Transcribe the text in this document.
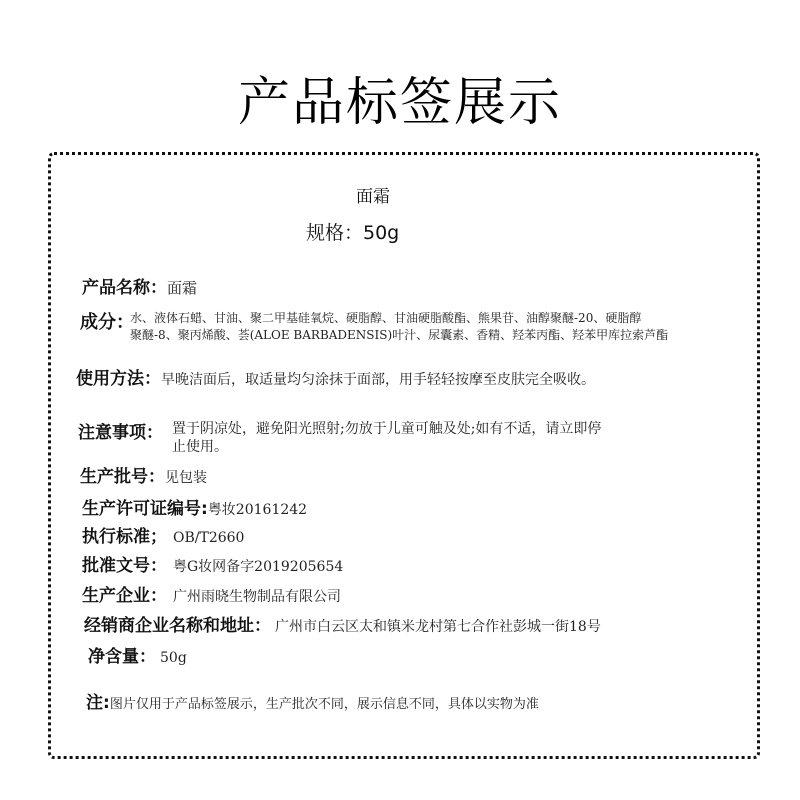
产品标签展示
面霜
规格：50g
产品名称： 面霜
成分：
水、液体石蜡、甘油、聚二甲基硅氧烷、硬脂醇、甘油硬脂酸酯、熊果苷、油醇聚醚-20、硬脂醇
聚醚-8、聚丙烯酸、荟(ALOE BARBADENSIS)叶汁、尿囊素、香精、羟苯丙酯、羟苯甲库拉索芦酯
使用方法： 早晚洁面后，取适量均匀涂抹于面部，用手轻轻按摩至皮肤完全吸收。
注意事项： 置于阴凉处，避免阳光照射;勿放于儿童可触及处;如有不适，请立即停
止使用。
生产批号： 见包装
生产许可证编号: 粤妆20161242
执行标准； OB/T2660
批准文号： 粤G妆网备字2019205654
生产企业： 广州雨晓生物制品有限公司
经销商企业名称和地址： 广州市白云区太和镇米龙村第七合作社彭城一街18号
净含量： 50g
注: 图片仅用于产品标签展示，生产批次不同，展示信息不同，具体以实物为准
